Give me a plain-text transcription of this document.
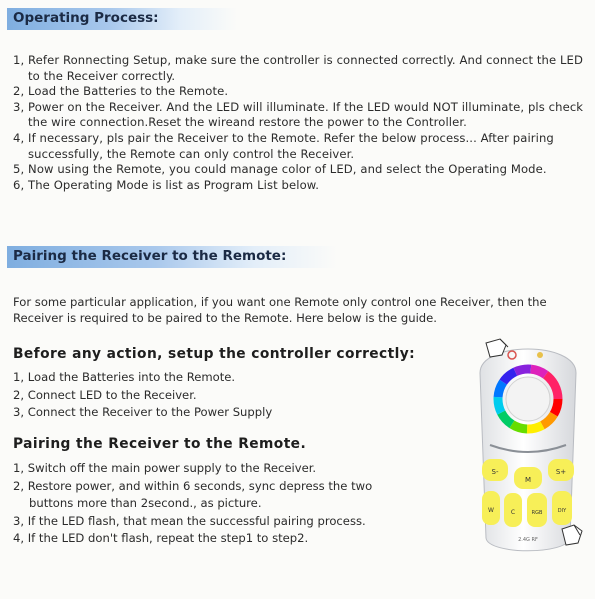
Operating Process:
1, Refer Ronnecting Setup, make sure the controller is connected correctly. And connect the LED to the Receiver correctly.
2, Load the Batteries to the Remote.
3, Power on the Receiver. And the LED will illuminate. If the LED would NOT illuminate, pls check the wire connection.Reset the wireand restore the power to the Controller.
4, If necessary, pls pair the Receiver to the Remote. Refer the below process... After pairing successfully, the Remote can only control the Receiver.
5, Now using the Remote, you could manage color of LED, and select the Operating Mode.
6, The Operating Mode is list as Program List below.
Pairing the Receiver to the Remote:
For some particular application, if you want one Remote only control one Receiver, then the Receiver is required to be paired to the Remote. Here below is the guide.
Before any action, setup the controller correctly:
1, Load the Batteries into the Remote.
2, Connect LED to the Receiver.
3, Connect the Receiver to the Power Supply
Pairing the Receiver to the Remote.
1, Switch off the main power supply to the Receiver.
2, Restore power, and within 6 seconds, sync depress the two
buttons more than 2second., as picture.
3, If the LED flash, that mean the successful pairing process.
4, If the LED don't flash, repeat the step1 to step2.
S-
M
S+
W	C	RGB	DIY
2.4G RF
